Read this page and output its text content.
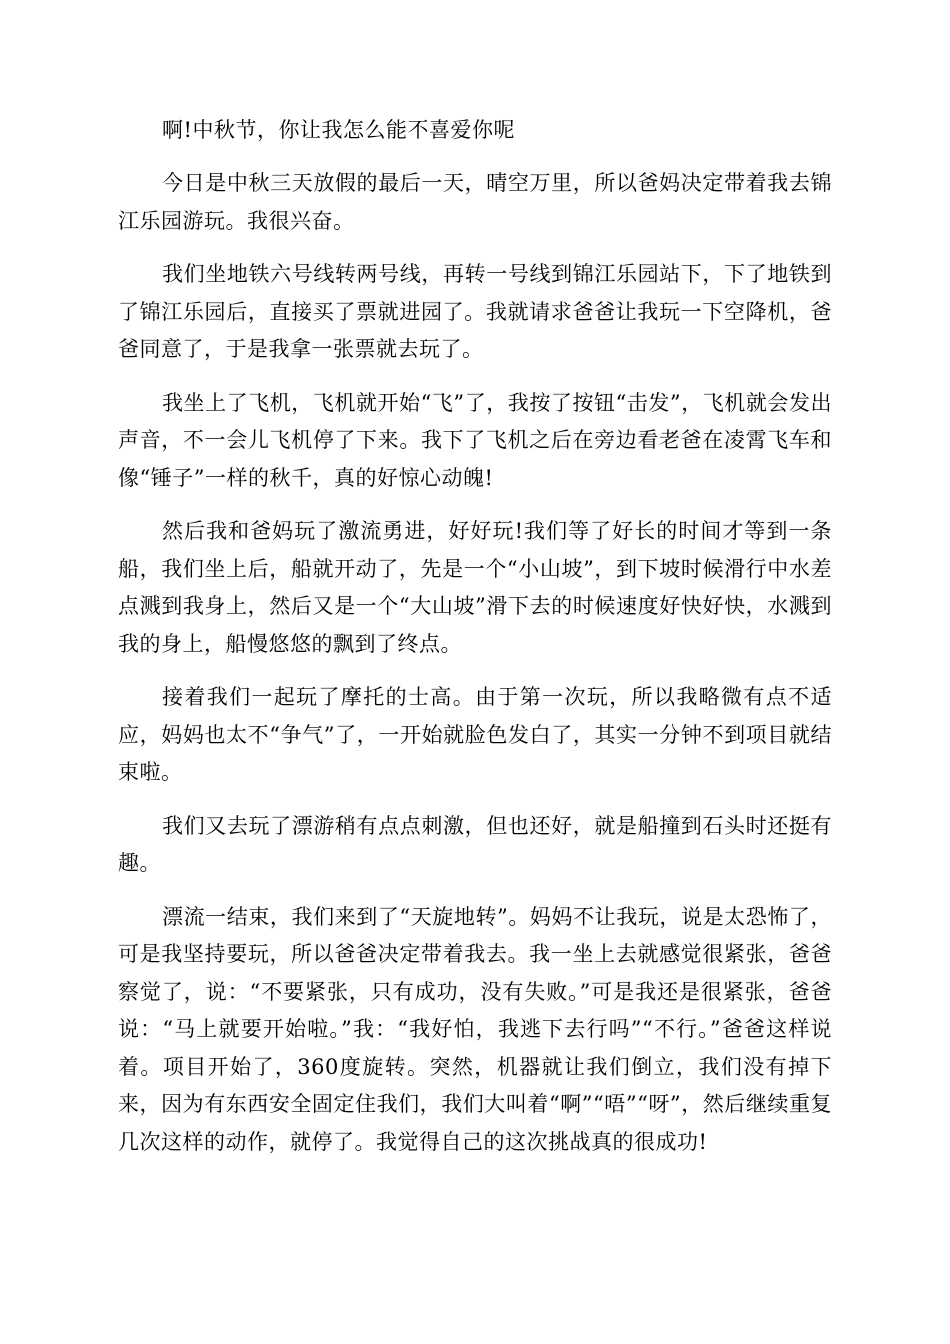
啊!中秋节，你让我怎么能不喜爱你呢

今日是中秋三天放假的最后一天，晴空万里，所以爸妈决定带着我去锦江乐园游玩。我很兴奋。

我们坐地铁六号线转两号线，再转一号线到锦江乐园站下，下了地铁到了锦江乐园后，直接买了票就进园了。我就请求爸爸让我玩一下空降机，爸爸同意了，于是我拿一张票就去玩了。

我坐上了飞机，飞机就开始“飞”了，我按了按钮“击发”，飞机就会发出声音，不一会儿飞机停了下来。我下了飞机之后在旁边看老爸在凌霄飞车和像“锤子”一样的秋千，真的好惊心动魄!

然后我和爸妈玩了激流勇进，好好玩!我们等了好长的时间才等到一条船，我们坐上后，船就开动了，先是一个“小山坡”，到下坡时候滑行中水差点溅到我身上，然后又是一个“大山坡”滑下去的时候速度好快好快，水溅到我的身上，船慢悠悠的飘到了终点。

接着我们一起玩了摩托的士高。由于第一次玩，所以我略微有点不适应，妈妈也太不“争气”了，一开始就脸色发白了，其实一分钟不到项目就结束啦。

我们又去玩了漂游稍有点点刺激，但也还好，就是船撞到石头时还挺有趣。

漂流一结束，我们来到了“天旋地转”。妈妈不让我玩，说是太恐怖了，可是我坚持要玩，所以爸爸决定带着我去。我一坐上去就感觉很紧张，爸爸察觉了，说：“不要紧张，只有成功，没有失败。”可是我还是很紧张，爸爸说：“马上就要开始啦。”我：“我好怕，我逃下去行吗”“不行。”爸爸这样说着。项目开始了，360度旋转。突然，机器就让我们倒立，我们没有掉下来，因为有东西安全固定住我们，我们大叫着“啊”“唔”“呀”，然后继续重复几次这样的动作，就停了。我觉得自己的这次挑战真的很成功!
